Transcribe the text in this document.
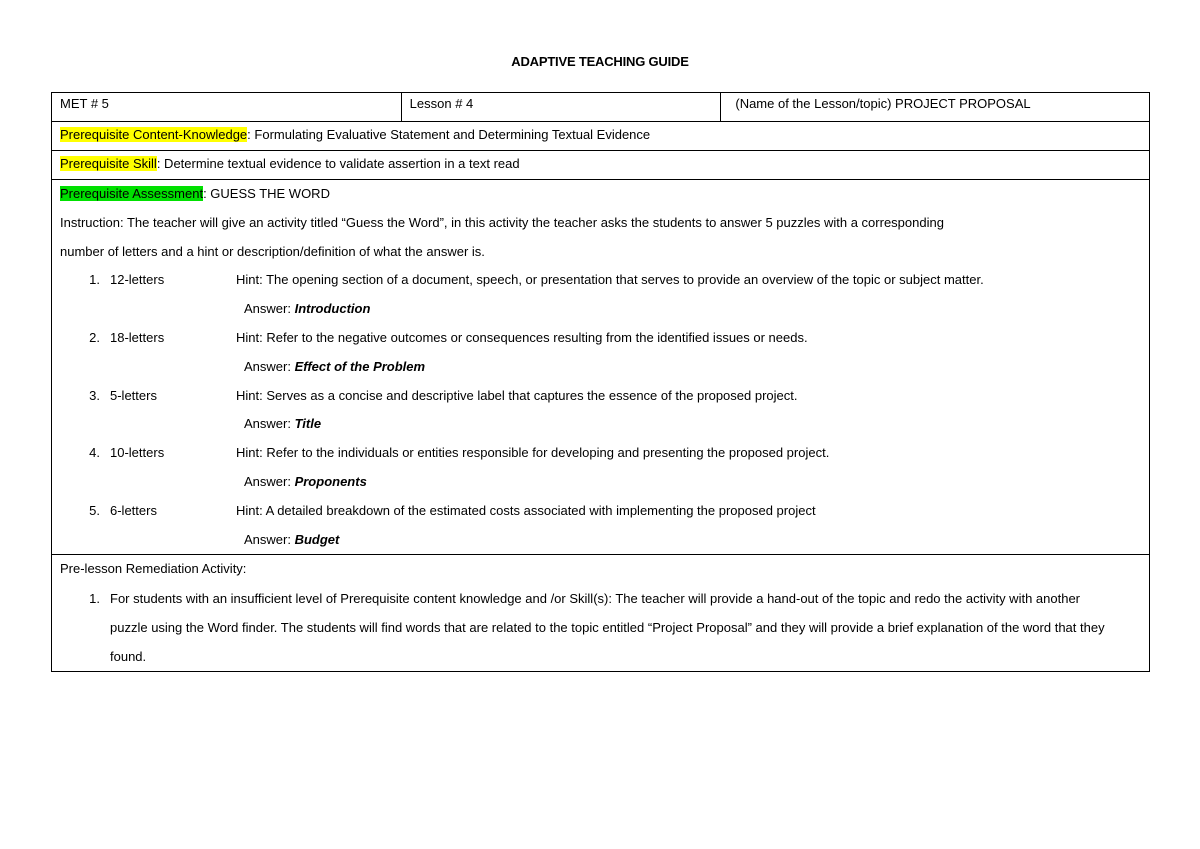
ADAPTIVE TEACHING GUIDE
MET # 5	Lesson # 4	(Name of the Lesson/topic) PROJECT PROPOSAL
Prerequisite Content-Knowledge: Formulating Evaluative Statement and Determining Textual Evidence
Prerequisite Skill: Determine textual evidence to validate assertion in a text read

Prerequisite Assessment: GUESS THE WORD
Instruction: The teacher will give an activity titled “Guess the Word”, in this activity the teacher asks the students to answer 5 puzzles with a corresponding
number of letters and a hint or description/definition of what the answer is.
1. 12-letters	Hint: The opening section of a document, speech, or presentation that serves to provide an overview of the topic or subject matter.
Answer: Introduction
2. 18-letters	Hint: Refer to the negative outcomes or consequences resulting from the identified issues or needs.
Answer: Effect of the Problem
3. 5-letters	Hint: Serves as a concise and descriptive label that captures the essence of the proposed project.
Answer: Title
4. 10-letters	Hint: Refer to the individuals or entities responsible for developing and presenting the proposed project.
Answer: Proponents
5. 6-letters	Hint: A detailed breakdown of the estimated costs associated with implementing the proposed project
Answer: Budget

Pre-lesson Remediation Activity:
1. For students with an insufficient level of Prerequisite content knowledge and /or Skill(s): The teacher will provide a hand-out of the topic and redo the activity with another puzzle using the Word finder. The students will find words that are related to the topic entitled “Project Proposal” and they will provide a brief explanation of the word that they found.
